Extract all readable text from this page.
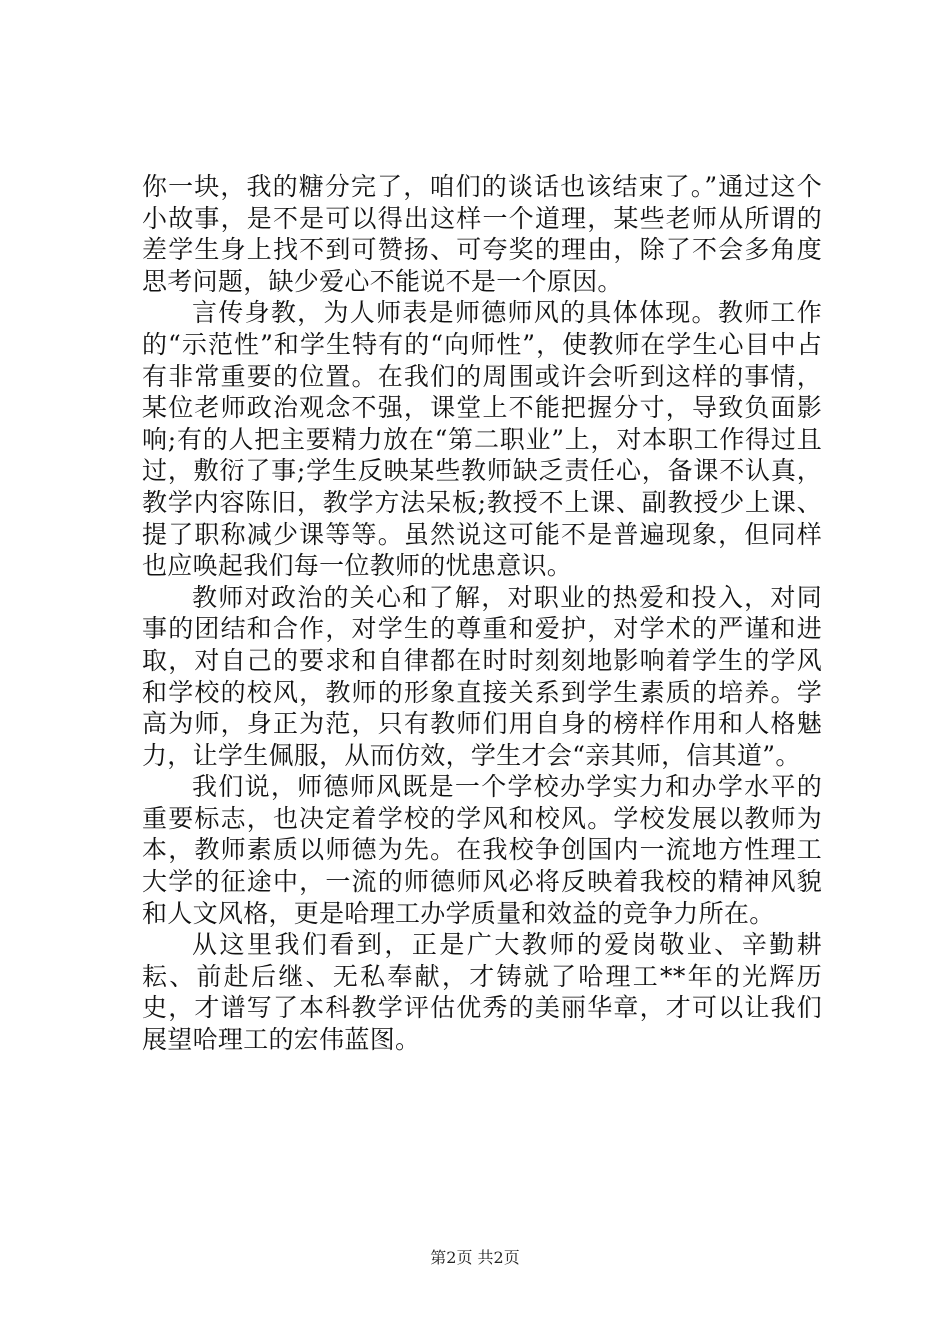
你一块，我的糖分完了，咱们的谈话也该结束了。”通过这个小故事，是不是可以得出这样一个道理，某些老师从所谓的差学生身上找不到可赞扬、可夸奖的理由，除了不会多角度思考问题，缺少爱心不能说不是一个原因。

言传身教，为人师表是师德师风的具体体现。教师工作的“示范性”和学生特有的“向师性”，使教师在学生心目中占有非常重要的位置。在我们的周围或许会听到这样的事情，某位老师政治观念不强，课堂上不能把握分寸，导致负面影响;有的人把主要精力放在“第二职业”上，对本职工作得过且过，敷衍了事;学生反映某些教师缺乏责任心，备课不认真，教学内容陈旧，教学方法呆板;教授不上课、副教授少上课、提了职称减少课等等。虽然说这可能不是普遍现象，但同样也应唤起我们每一位教师的忧患意识。

教师对政治的关心和了解，对职业的热爱和投入，对同事的团结和合作，对学生的尊重和爱护，对学术的严谨和进取，对自己的要求和自律都在时时刻刻地影响着学生的学风和学校的校风，教师的形象直接关系到学生素质的培养。学高为师，身正为范，只有教师们用自身的榜样作用和人格魅力，让学生佩服，从而仿效，学生才会“亲其师，信其道”。

我们说，师德师风既是一个学校办学实力和办学水平的重要标志，也决定着学校的学风和校风。学校发展以教师为本，教师素质以师德为先。在我校争创国内一流地方性理工大学的征途中，一流的师德师风必将反映着我校的精神风貌和人文风格，更是哈理工办学质量和效益的竞争力所在。

从这里我们看到，正是广大教师的爱岗敬业、辛勤耕耘、前赴后继、无私奉献，才铸就了哈理工**年的光辉历史，才谱写了本科教学评估优秀的美丽华章，才可以让我们展望哈理工的宏伟蓝图。

第2页 共2页
